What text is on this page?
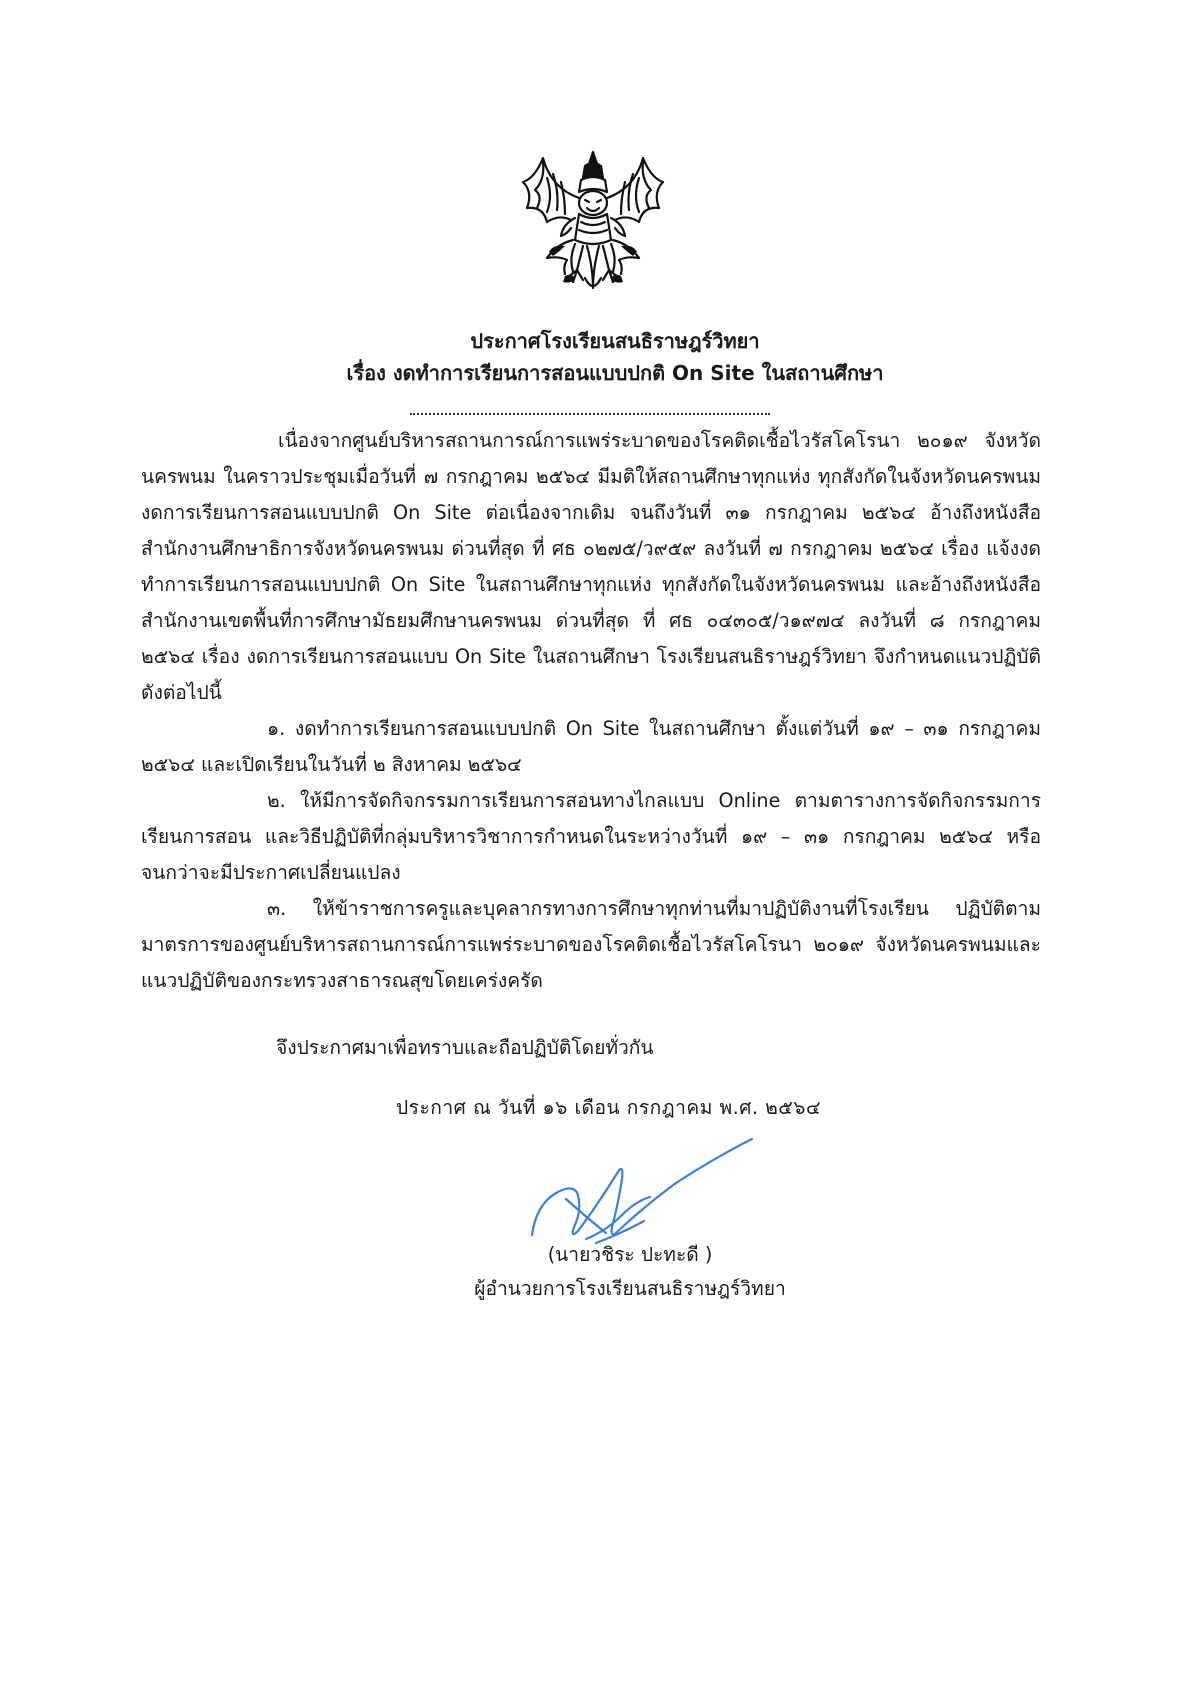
ประกาศโรงเรียนสนธิราษฎร์วิทยา
เรื่อง งดทำการเรียนการสอนแบบปกติ On Site ในสถานศึกษา

เนื่องจากศูนย์บริหารสถานการณ์การแพร่ระบาดของโรคติดเชื้อไวรัสโคโรนา ๒๐๑๙ จังหวัดนครพนม ในคราวประชุมเมื่อวันที่ ๗ กรกฎาคม ๒๕๖๔ มีมติให้สถานศึกษาทุกแห่ง ทุกสังกัดในจังหวัดนครพนม งดการเรียนการสอนแบบปกติ On Site ต่อเนื่องจากเดิม จนถึงวันที่ ๓๑ กรกฎาคม ๒๕๖๔ อ้างถึงหนังสือสำนักงานศึกษาธิการจังหวัดนครพนม ด่วนที่สุด ที่ ศธ ๐๒๗๕/ว๙๕๙ ลงวันที่ ๗ กรกฎาคม ๒๕๖๔ เรื่อง แจ้งงดทำการเรียนการสอนแบบปกติ On Site ในสถานศึกษาทุกแห่ง ทุกสังกัดในจังหวัดนครพนม และอ้างถึงหนังสือสำนักงานเขตพื้นที่การศึกษามัธยมศึกษานครพนม ด่วนที่สุด ที่ ศธ ๐๔๓๐๕/ว๑๙๗๔ ลงวันที่ ๘ กรกฎาคม ๒๕๖๔ เรื่อง งดการเรียนการสอนแบบ On Site ในสถานศึกษา โรงเรียนสนธิราษฎร์วิทยา จึงกำหนดแนวปฏิบัติดังต่อไปนี้

๑. งดทำการเรียนการสอนแบบปกติ On Site ในสถานศึกษา ตั้งแต่วันที่ ๑๙ – ๓๑ กรกฎาคม ๒๕๖๔ และเปิดเรียนในวันที่ ๒ สิงหาคม ๒๕๖๔

๒. ให้มีการจัดกิจกรรมการเรียนการสอนทางไกลแบบ Online ตามตารางการจัดกิจกรรมการเรียนการสอน และวิธีปฏิบัติที่กลุ่มบริหารวิชาการกำหนดในระหว่างวันที่ ๑๙ – ๓๑ กรกฎาคม ๒๕๖๔ หรือจนกว่าจะมีประกาศเปลี่ยนแปลง

๓. ให้ข้าราชการครูและบุคลากรทางการศึกษาทุกท่านที่มาปฏิบัติงานที่โรงเรียน ปฏิบัติตามมาตรการของศูนย์บริหารสถานการณ์การแพร่ระบาดของโรคติดเชื้อไวรัสโคโรนา ๒๐๑๙ จังหวัดนครพนมและแนวปฏิบัติของกระทรวงสาธารณสุขโดยเคร่งครัด

จึงประกาศมาเพื่อทราบและถือปฏิบัติโดยทั่วกัน
ประกาศ ณ วันที่ ๑๖ เดือน กรกฎาคม พ.ศ. ๒๕๖๔
(นายวชิระ ปะทะดี )
ผู้อำนวยการโรงเรียนสนธิราษฎร์วิทยา
